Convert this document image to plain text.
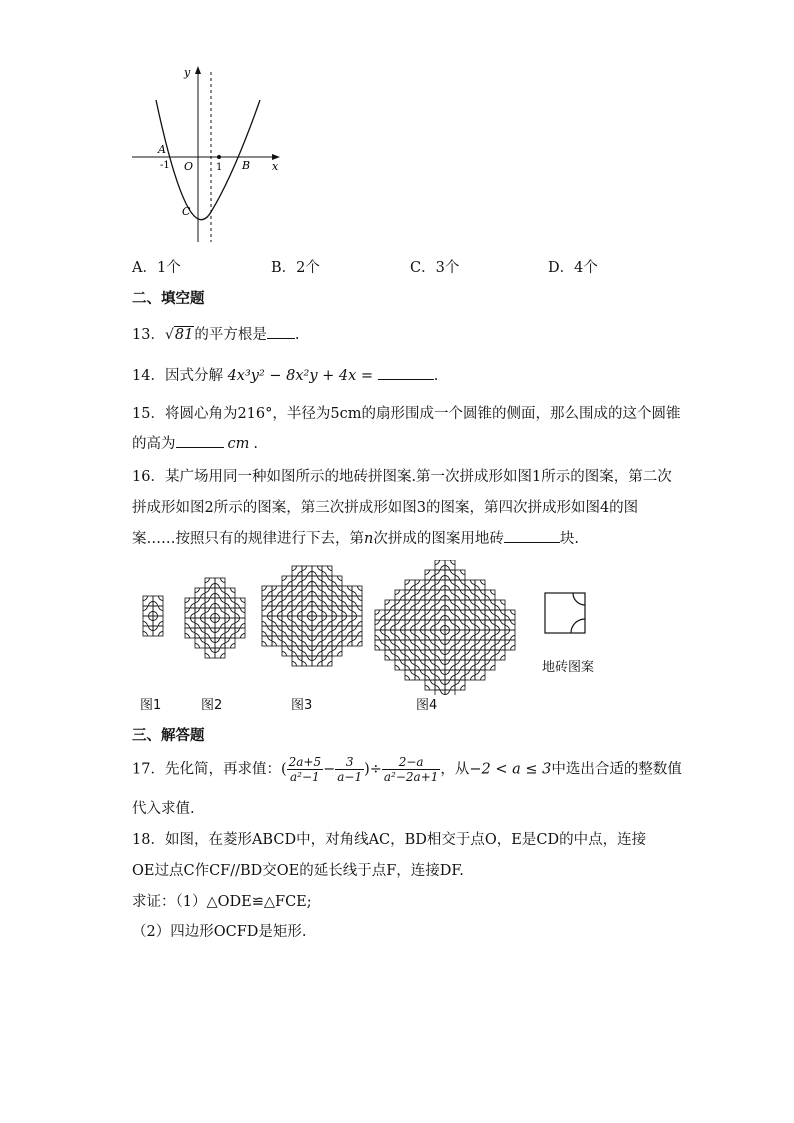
y
x
A
-1 O 1 B
C
A．1个	B．2个	C．3个	D．4个
二、填空题
13．√81的平方根是 .
14．因式分解 4x³y² − 8x²y + 4x =	.
15．将圆心角为216°，半径为5cm的扇形围成一个圆锥的侧面，那么围成的这个圆锥
的高为	cm .
16．某广场用同一种如图所示的地砖拼图案.第一次拼成形如图1所示的图案，第二次
拼成形如图2所示的图案，第三次拼成形如图3的图案，第四次拼成形如图4的图
案……按照只有的规律进行下去，第n次拼成的图案用地砖	块.
地砖图案
图1	图2	图3	图4
三、解答题
17．先化简，再求值：( $\frac{2a+5}{\text{a²−1}} - \frac{3}{a-1}$ )÷ $\frac{2-a}{\text{a²−2a+1}}$ ，从−2 < a ≤ 3中选出合适的整数值
代入求值.
18．如图，在菱形ABCD中，对角线AC，BD相交于点O，E是CD的中点，连接
OE过点C作CF//BD交OE的延长线于点F，连接DF.
求证：（1）△ODE≌△FCE;
（2）四边形OCFD是矩形.
